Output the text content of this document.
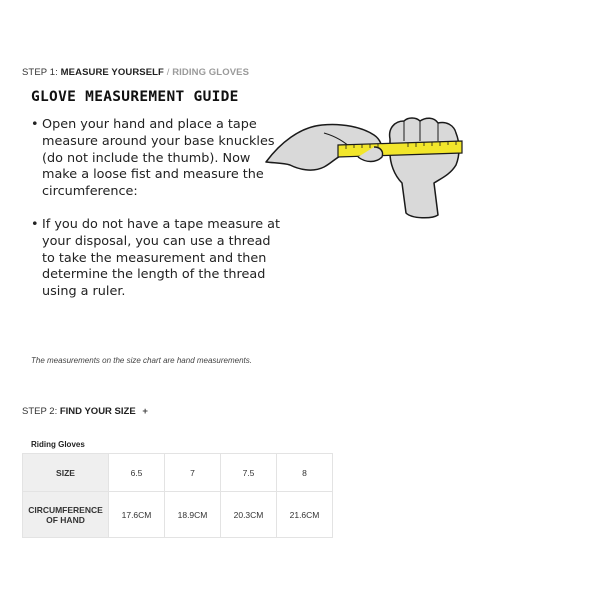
STEP 1: MEASURE YOURSELF / RIDING GLOVES
GLOVE MEASUREMENT GUIDE
• Open your hand and place a tape measure around your base knuckles (do not include the thumb). Now make a loose fist and measure the circumference:
• If you do not have a tape measure at your disposal, you can use a thread to take the measurement and then determine the length of the thread using a ruler.
The measurements on the size chart are hand measurements.
STEP 2: FIND YOUR SIZE +
Riding Gloves
SIZE	6.5	7	7.5	8
CIRCUMFERENCE OF HAND	17.6CM	18.9CM	20.3CM	21.6CM
